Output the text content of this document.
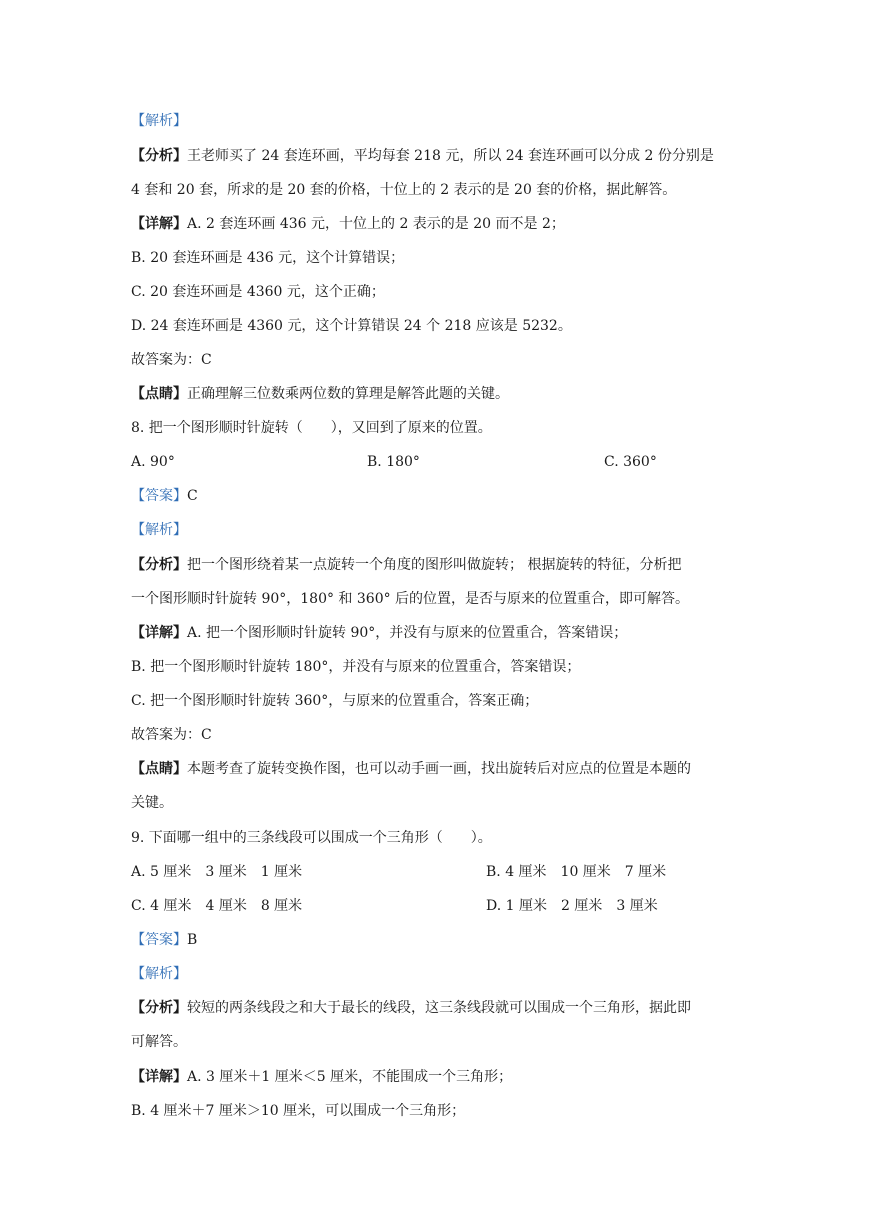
【解析】
【分析】王老师买了 24 套连环画，平均每套 218 元，所以 24 套连环画可以分成 2 份分别是
4 套和 20 套，所求的是 20 套的价格，十位上的 2 表示的是 20 套的价格，据此解答。
【详解】A. 2 套连环画 436 元，十位上的 2 表示的是 20 而不是 2；
B. 20 套连环画是 436 元，这个计算错误；
C. 20 套连环画是 4360 元，这个正确；
D. 24 套连环画是 4360 元，这个计算错误 24 个 218 应该是 5232。
故答案为：C
【点睛】正确理解三位数乘两位数的算理是解答此题的关键。
8. 把一个图形顺时针旋转（　　），又回到了原来的位置。
A. 90°	B. 180°	C. 360°
【答案】C
【解析】
【分析】把一个图形绕着某一点旋转一个角度的图形叫做旋转； 根据旋转的特征，分析把
一个图形顺时针旋转 90°，180° 和 360° 后的位置，是否与原来的位置重合，即可解答。
【详解】A. 把一个图形顺时针旋转 90°，并没有与原来的位置重合，答案错误；
B. 把一个图形顺时针旋转 180°，并没有与原来的位置重合，答案错误；
C. 把一个图形顺时针旋转 360°，与原来的位置重合，答案正确；
故答案为：C
【点睛】本题考查了旋转变换作图，也可以动手画一画，找出旋转后对应点的位置是本题的
关键。
9. 下面哪一组中的三条线段可以围成一个三角形（　　）。
A. 5 厘米　3 厘米　1 厘米	B. 4 厘米　10 厘米　7 厘米
C. 4 厘米　4 厘米　8 厘米	D. 1 厘米　2 厘米　3 厘米
【答案】B
【解析】
【分析】较短的两条线段之和大于最长的线段，这三条线段就可以围成一个三角形，据此即
可解答。
【详解】A. 3 厘米＋1 厘米＜5 厘米，不能围成一个三角形；
B. 4 厘米＋7 厘米＞10 厘米，可以围成一个三角形；
